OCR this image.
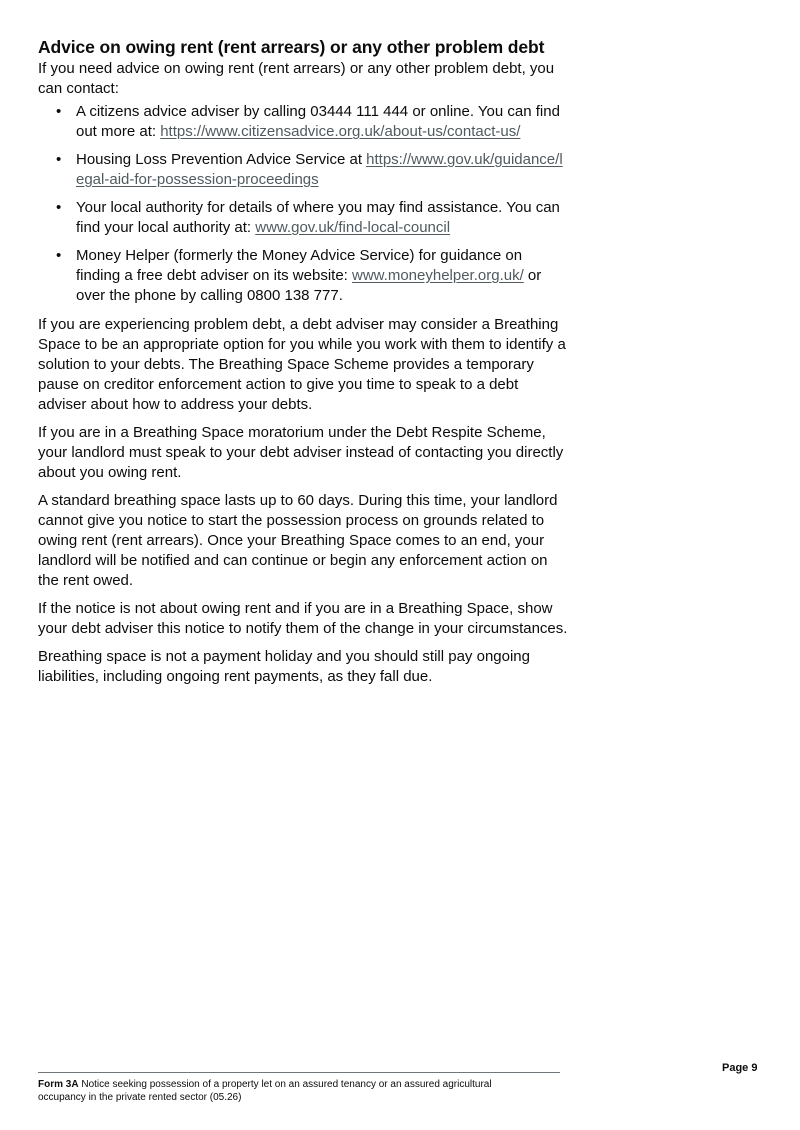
Advice on owing rent (rent arrears) or any other problem debt

If you need advice on owing rent (rent arrears) or any other problem debt, you can contact:

• A citizens advice adviser by calling 03444 111 444 or online. You can find out more at: https://www.citizensadvice.org.uk/about-us/contact-us/
• Housing Loss Prevention Advice Service at https://www.gov.uk/guidance/legal-aid-for-possession-proceedings
• Your local authority for details of where you may find assistance. You can find your local authority at: www.gov.uk/find-local-council
• Money Helper (formerly the Money Advice Service) for guidance on finding a free debt adviser on its website: www.moneyhelper.org.uk/ or over the phone by calling 0800 138 777.

If you are experiencing problem debt, a debt adviser may consider a Breathing Space to be an appropriate option for you while you work with them to identify a solution to your debts. The Breathing Space Scheme provides a temporary pause on creditor enforcement action to give you time to speak to a debt adviser about how to address your debts.

If you are in a Breathing Space moratorium under the Debt Respite Scheme, your landlord must speak to your debt adviser instead of contacting you directly about you owing rent.

A standard breathing space lasts up to 60 days. During this time, your landlord cannot give you notice to start the possession process on grounds related to owing rent (rent arrears). Once your Breathing Space comes to an end, your landlord will be notified and can continue or begin any enforcement action on the rent owed.

If the notice is not about owing rent and if you are in a Breathing Space, show your debt adviser this notice to notify them of the change in your circumstances.

Breathing space is not a payment holiday and you should still pay ongoing liabilities, including ongoing rent payments, as they fall due.

Form 3A Notice seeking possession of a property let on an assured tenancy or an assured agricultural occupancy in the private rented sector (05.26)
Page 9
